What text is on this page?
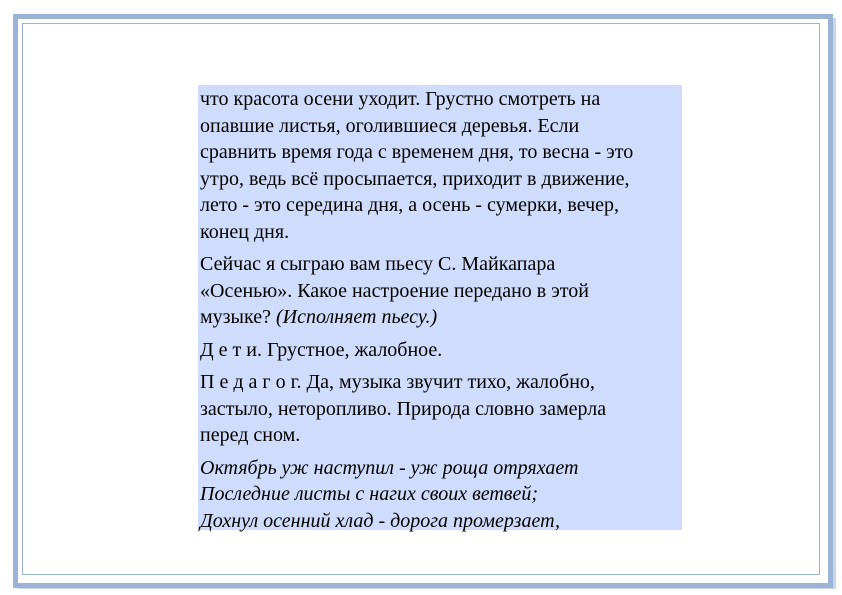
что красота осени уходит. Грустно смотреть на
опавшие листья, оголившиеся деревья. Если
сравнить время года с временем дня, то весна - это
утро, ведь всё просыпается, приходит в движение,
лето - это середина дня, а осень - сумерки, вечер,
конец дня.
Сейчас я сыграю вам пьесу С. Майкапара
«Осенью». Какое настроение передано в этой
музыке? (Исполняет пьесу.)
Д е т и. Грустное, жалобное.
П е д а г о г. Да, музыка звучит тихо, жалобно,
застыло, неторопливо. Природа словно замерла
перед сном.
Октябрь уж наступил - уж роща отряхает
Последние листы с нагих своих ветвей;
Дохнул осенний хлад - дорога промерзает,
